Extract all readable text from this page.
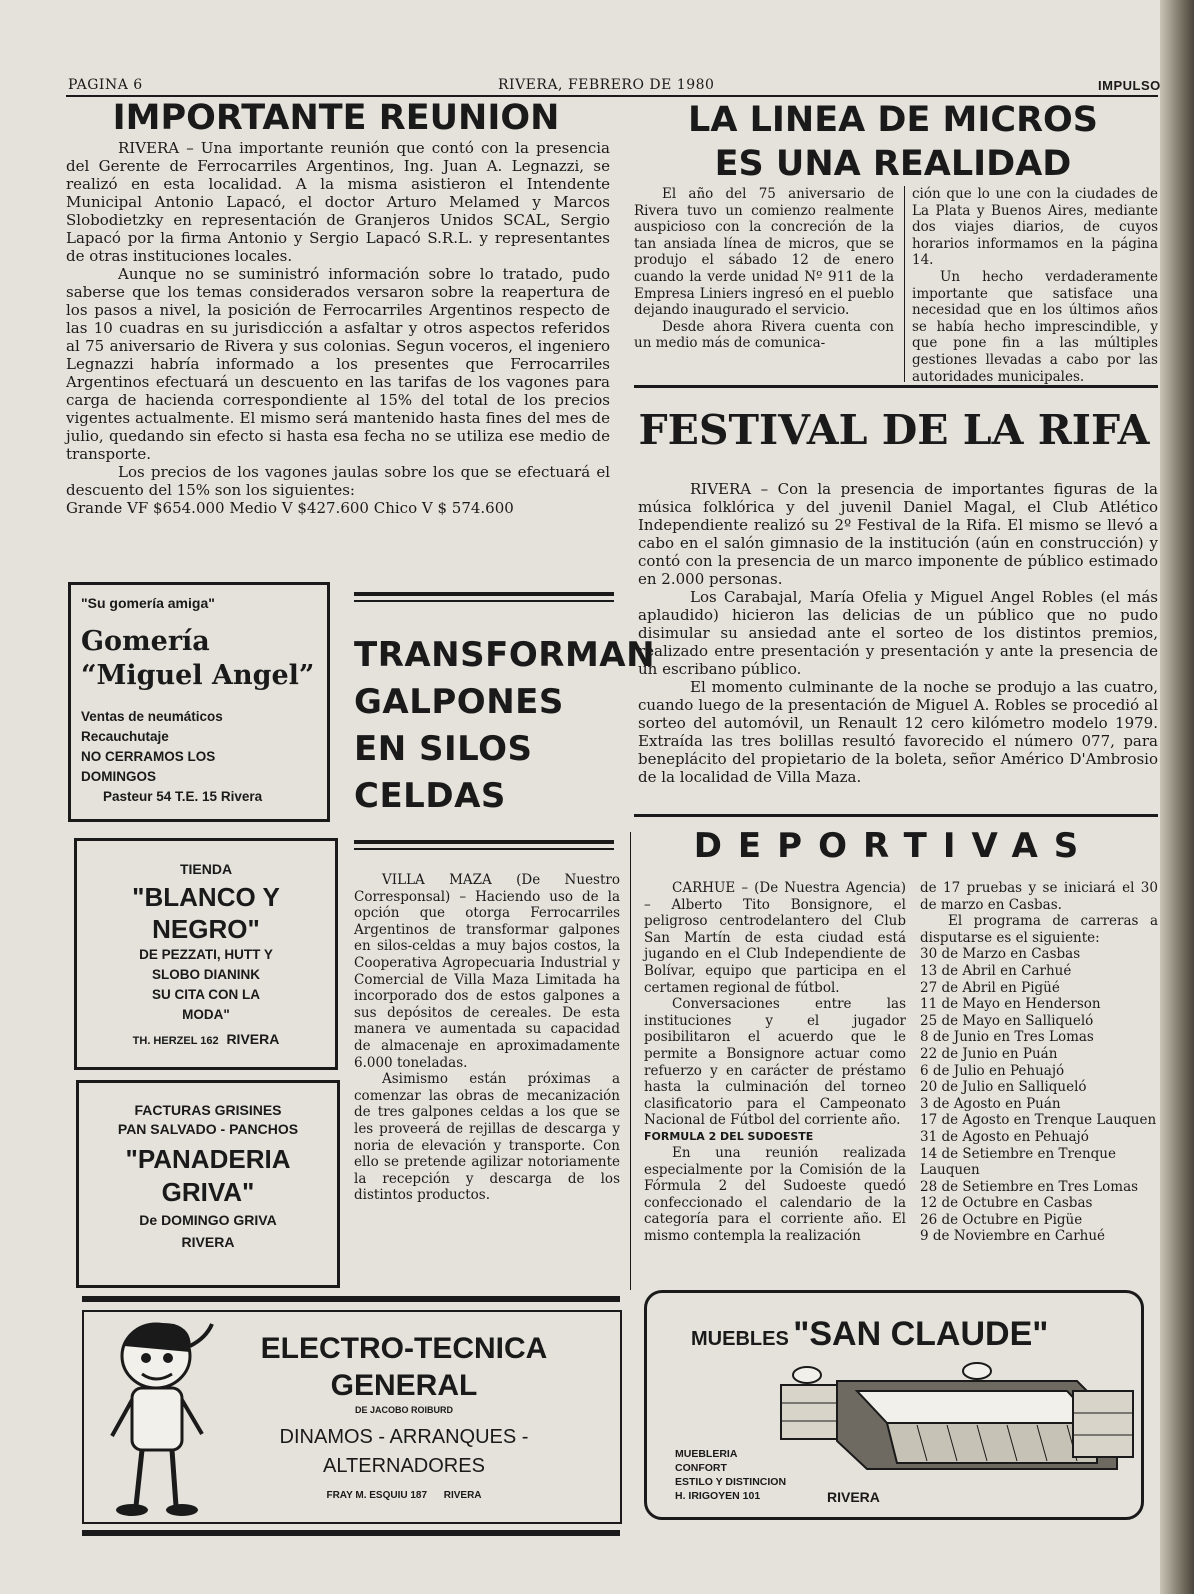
PAGINA 6	RIVERA, FEBRERO DE 1980	IMPULSO
IMPORTANTE REUNION

RIVERA – Una importante reunión que contó con la presencia del Gerente de Ferrocarriles Argentinos, Ing. Juan A. Legnazzi, se realizó en esta localidad. A la misma asistieron el Intendente Municipal Antonio Lapacó, el doctor Arturo Melamed y Marcos Slobodietzky en representación de Granjeros Unidos SCAL, Sergio Lapacó por la firma Antonio y Sergio Lapacó S.R.L. y representantes de otras instituciones locales.

Aunque no se suministró información sobre lo tratado, pudo saberse que los temas considerados versaron sobre la reapertura de los pasos a nivel, la posición de Ferrocarriles Argentinos respecto de las 10 cuadras en su jurisdicción a asfaltar y otros aspectos referidos al 75 aniversario de Rivera y sus colonias. Segun voceros, el ingeniero Legnazzi habría informado a los presentes que Ferrocarriles Argentinos efectuará un descuento en las tarifas de los vagones para carga de hacienda correspondiente al 15% del total de los precios vigentes actualmente. El mismo será mantenido hasta fines del mes de julio, quedando sin efecto si hasta esa fecha no se utiliza ese medio de transporte.

Los precios de los vagones jaulas sobre los que se efectuará el descuento del 15% son los siguientes:

Grande VF $654.000 Medio V $427.600 Chico V $ 574.600

LA LINEA DE MICROS
ES UNA REALIDAD

El año del 75 aniversario de Rivera tuvo un comienzo realmente auspicioso con la concreción de la tan ansiada línea de micros, que se produjo el sábado 12 de enero cuando la verde unidad Nº 911 de la Empresa Liniers ingresó en el pueblo dejando inaugurado el servicio.

Desde ahora Rivera cuenta con un medio más de comunica-

ción que lo une con la ciudades de La Plata y Buenos Aires, mediante dos viajes diarios, de cuyos horarios informamos en la página 14.

Un hecho verdaderamente importante que satisface una necesidad que en los últimos años se había hecho imprescindible, y que pone fin a las múltiples gestiones llevadas a cabo por las autoridades municipales.

FESTIVAL DE LA RIFA

RIVERA – Con la presencia de importantes figuras de la música folklórica y del juvenil Daniel Magal, el Club Atlético Independiente realizó su 2º Festival de la Rifa. El mismo se llevó a cabo en el salón gimnasio de la institución (aún en construcción) y contó con la presencia de un marco imponente de público estimado en 2.000 personas.

Los Carabajal, María Ofelia y Miguel Angel Robles (el más aplaudido) hicieron las delicias de un público que no pudo disimular su ansiedad ante el sorteo de los distintos premios, realizado entre presentación y presentación y ante la presencia de un escribano público.

El momento culminante de la noche se produjo a las cuatro, cuando luego de la presentación de Miguel A. Robles se procedió al sorteo del automóvil, un Renault 12 cero kilómetro modelo 1979. Extraída las tres bolillas resultó favorecido el número 077, para beneplácito del propietario de la boleta, señor Américo D'Ambrosio de la localidad de Villa Maza.

"Su gomería amiga"
Gomería
“Miguel Angel”
Ventas de neumáticos
Recauchutaje
NO CERRAMOS LOS
DOMINGOS
Pasteur 54 T.E. 15 Rivera
TRANSFORMAN
GALPONES
EN SILOS
CELDAS

VILLA MAZA (De Nuestro Corresponsal) – Haciendo uso de la opción que otorga Ferrocarriles Argentinos de transformar galpones en silos-celdas a muy bajos costos, la Cooperativa Agropecuaria Industrial y Comercial de Villa Maza Limitada ha incorporado dos de estos galpones a sus depósitos de cereales. De esta manera ve aumentada su capacidad de almacenaje en aproximadamente 6.000 toneladas.

Asimismo están próximas a comenzar las obras de mecanización de tres galpones celdas a los que se les proveerá de rejillas de descarga y noria de elevación y transporte. Con ello se pretende agilizar notoriamente la recepción y descarga de los distintos productos.

TIENDA
"BLANCO Y
NEGRO"
DE PEZZATI, HUTT Y
SLOBO DIANINK
SU CITA CON LA
MODA"
TH. HERZEL 162 RIVERA
FACTURAS GRISINES
PAN SALVADO - PANCHOS
"PANADERIA
GRIVA"
De DOMINGO GRIVA
RIVERA
DEPORTIVAS

CARHUE – (De Nuestra Agencia) – Alberto Tito Bonsignore, el peligroso centrodelantero del Club San Martín de esta ciudad está jugando en el Club Independiente de Bolívar, equipo que participa en el certamen regional de fútbol.

Conversaciones entre las instituciones y el jugador posibilitaron el acuerdo que le permite a Bonsignore actuar como refuerzo y en carácter de préstamo hasta la culminación del torneo clasificatorio para el Campeonato Nacional de Fútbol del corriente año.

FORMULA 2 DEL SUDOESTE

En una reunión realizada especialmente por la Comisión de la Fórmula 2 del Sudoeste quedó confeccionado el calendario de la categoría para el corriente año. El mismo contempla la realización

de 17 pruebas y se iniciará el 30 de marzo en Casbas.

El programa de carreras a disputarse es el siguiente:

30 de Marzo en Casbas
13 de Abril en Carhué
27 de Abril en Pigüé
11 de Mayo en Henderson
25 de Mayo en Salliqueló
8 de Junio en Tres Lomas
22 de Junio en Puán
6 de Julio en Pehuajó
20 de Julio en Salliqueló
3 de Agosto en Puán
17 de Agosto en Trenque Lauquen
31 de Agosto en Pehuajó
14 de Setiembre en Trenque
Lauquen
28 de Setiembre en Tres Lomas
12 de Octubre en Casbas
26 de Octubre en Pigüe
9 de Noviembre en Carhué
ELECTRO-TECNICA
GENERAL
DE JACOBO ROIBURD
DINAMOS - ARRANQUES -
ALTERNADORES
FRAY M. ESQUIU 187 RIVERA
MUEBLES "SAN CLAUDE"
MUEBLERIA
CONFORT
ESTILO Y DISTINCION
H. IRIGOYEN 101	RIVERA
